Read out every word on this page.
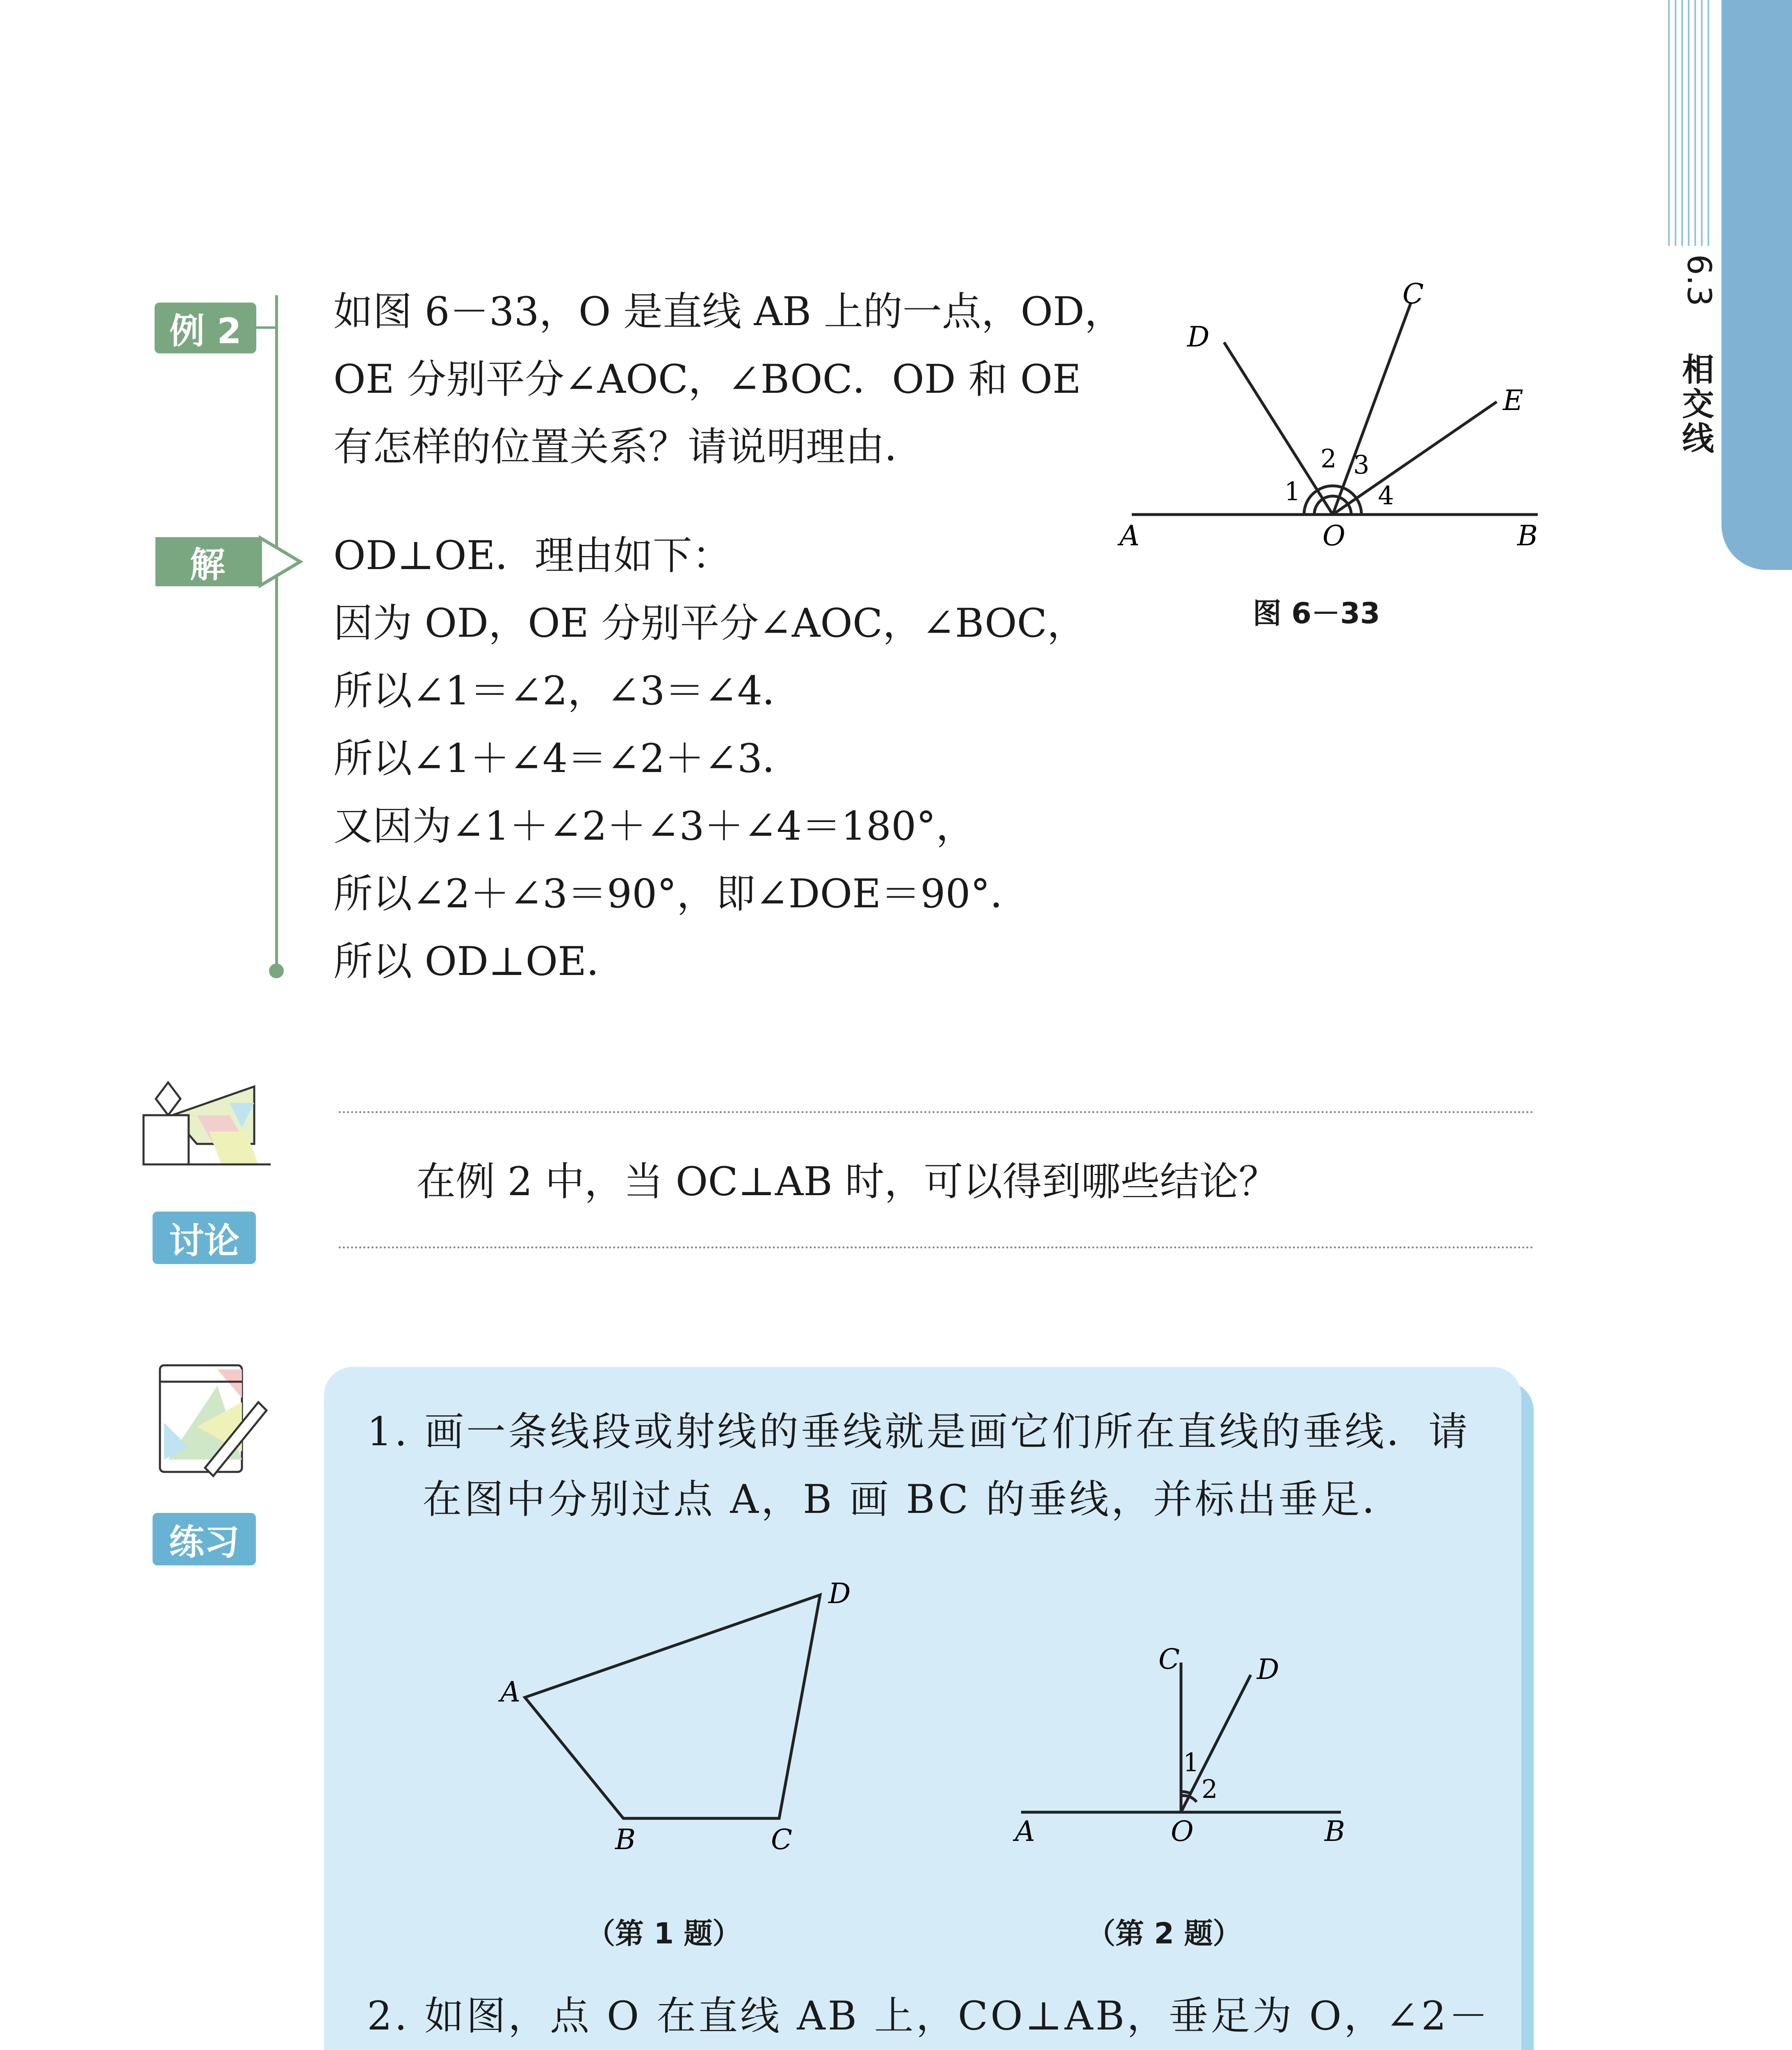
6.3
相交线
例 2	如图 6－33，O 是直线 AB 上的一点，OD，
OE 分别平分∠AOC，∠BOC．OD 和 OE
有怎样的位置关系？请说明理由．
解	OD⊥OE．理由如下：
因为 OD，OE 分别平分∠AOC，∠BOC，
所以∠1＝∠2，∠3＝∠4．
所以∠1＋∠4＝∠2＋∠3．
又因为∠1＋∠2＋∠3＋∠4＝180°，
所以∠2＋∠3＝90°，即∠DOE＝90°．
所以 OD⊥OE．
D
C
E
A	O	B
1
2 3
4
图 6－33
讨论
在例 2 中，当 OC⊥AB 时，可以得到哪些结论？
练习
1. 画一条线段或射线的垂线就是画它们所在直线的垂线．请
在图中分别过点 A，B 画 BC 的垂线，并标出垂足．
A
D
B	C
（第 1 题）
C	D
1
2
A	O	B
（第 2 题）
2. 如图，点 O 在直线 AB 上，CO⊥AB，垂足为 O，∠2－
